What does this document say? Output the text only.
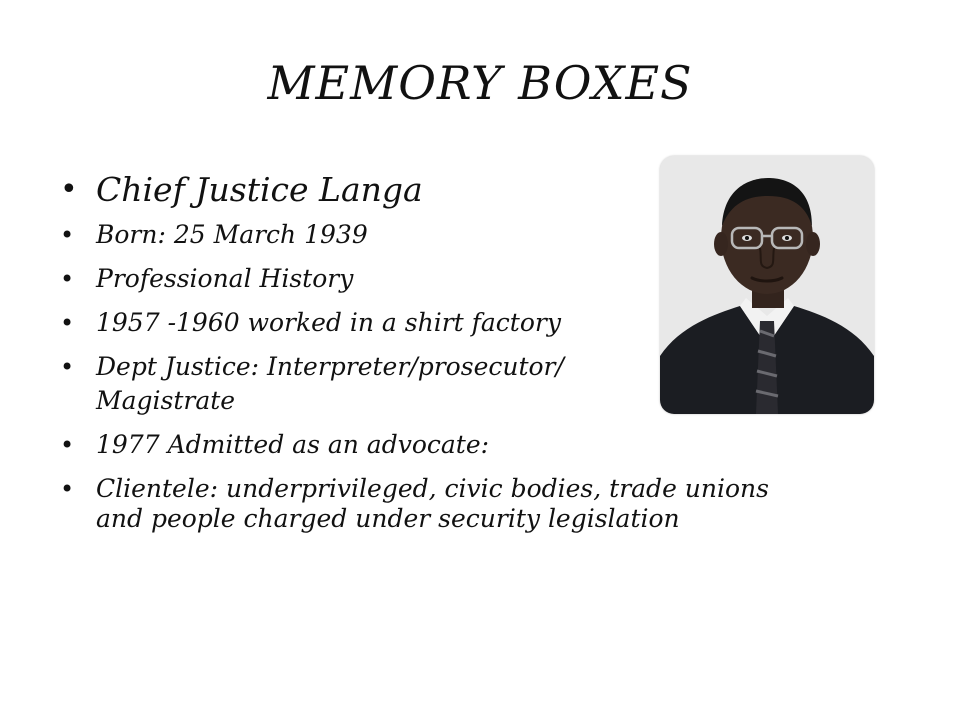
MEMORY BOXES
• Chief Justice Langa
• Born: 25 March 1939
• Professional History
• 1957 -1960 worked in a shirt factory
• Dept Justice: Interpreter/prosecutor/
Magistrate
• 1977 Admitted as an advocate:
• Clientele: underprivileged, civic bodies, trade unions and people charged under security legislation
